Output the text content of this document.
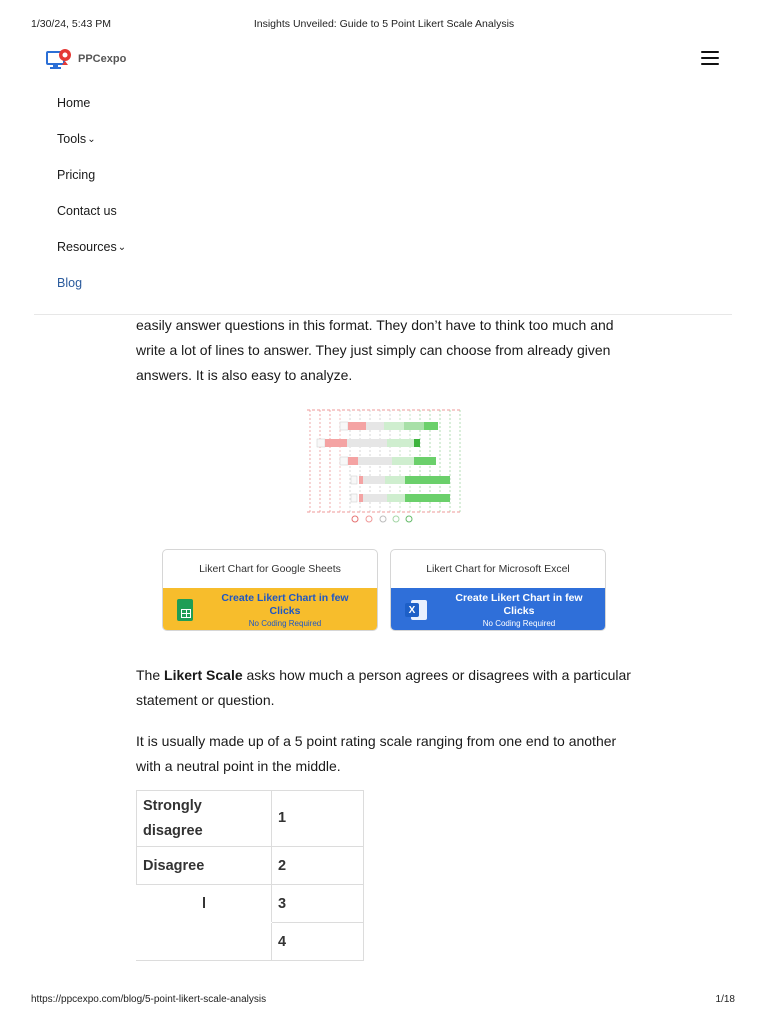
1/30/24, 5:43 PM	Insights Unveiled: Guide to 5 Point Likert Scale Analysis
PPCexpo
Home
Tools ⌄
Pricing
Contact us
Resources ⌄
Blog

easily answer questions in this format. They don’t have to think too much and write a lot of lines to answer. They just simply can choose from already given answers. It is also easy to analyze.

Likert Chart for Google Sheets
Create Likert Chart in few Clicks
No Coding Required
Likert Chart for Microsoft Excel
X
Create Likert Chart in few Clicks
No Coding Required

The Likert Scale asks how much a person agrees or disagrees with a particular statement or question.

It is usually made up of a 5 point rating scale ranging from one end to another with a neutral point in the middle.

Strongly disagree	1
Disagree	2
l	3
	4
https://ppcexpo.com/blog/5-point-likert-scale-analysis	1/18
